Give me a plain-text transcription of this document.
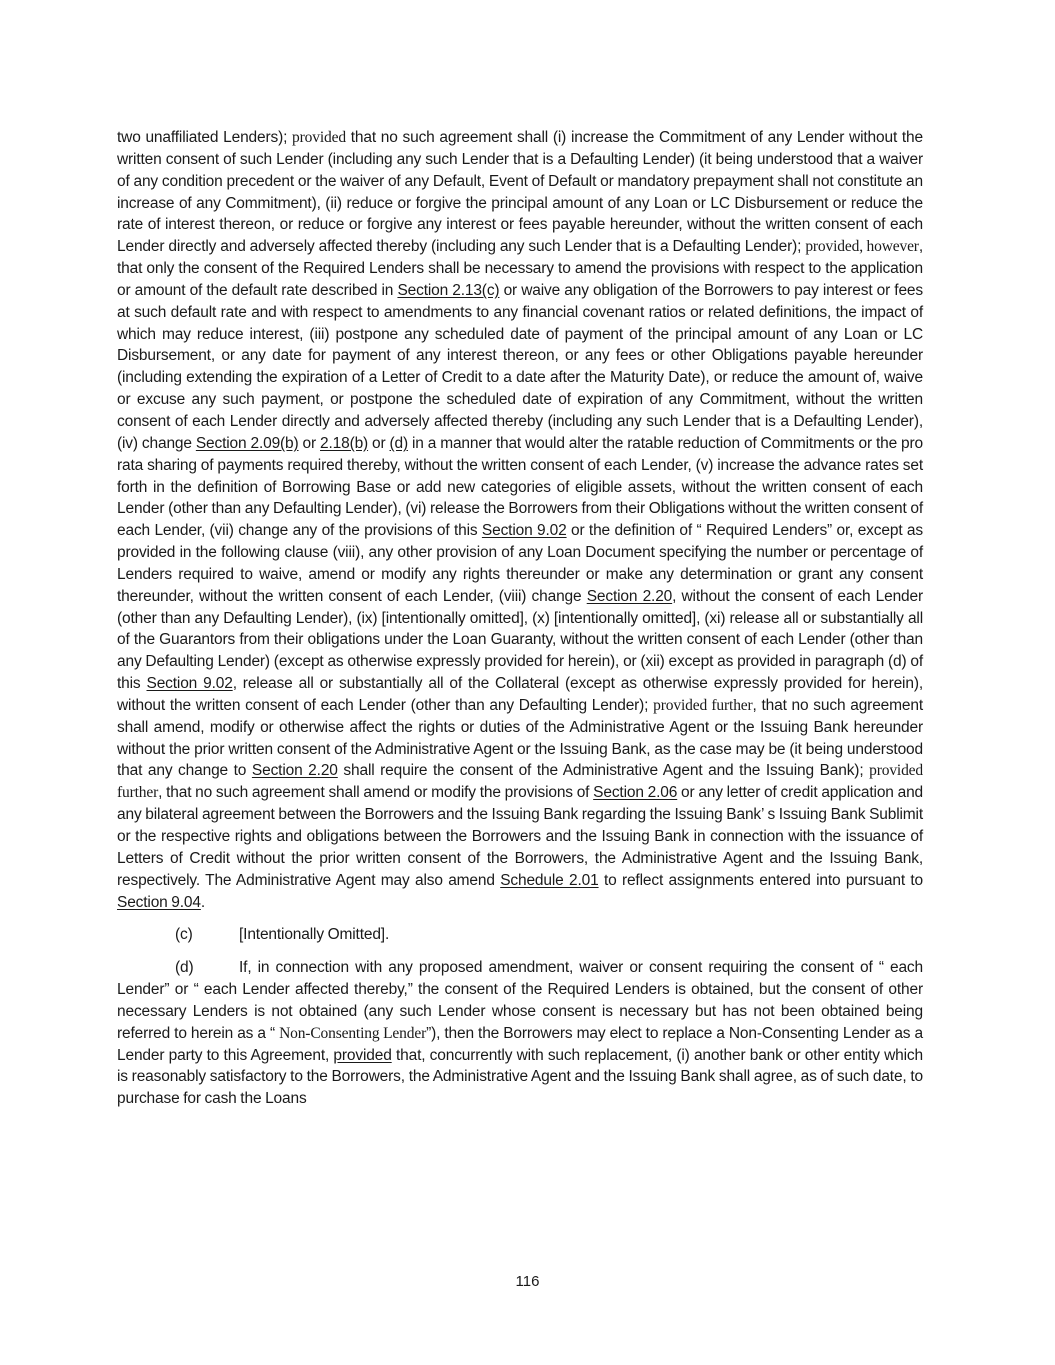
two unaffiliated Lenders); provided that no such agreement shall (i) increase the Commitment of any Lender without the written consent of such Lender (including any such Lender that is a Defaulting Lender) (it being understood that a waiver of any condition precedent or the waiver of any Default, Event of Default or mandatory prepayment shall not constitute an increase of any Commitment), (ii) reduce or forgive the principal amount of any Loan or LC Disbursement or reduce the rate of interest thereon, or reduce or forgive any interest or fees payable hereunder, without the written consent of each Lender directly and adversely affected thereby (including any such Lender that is a Defaulting Lender); provided, however, that only the consent of the Required Lenders shall be necessary to amend the provisions with respect to the application or amount of the default rate described in Section 2.13(c) or waive any obligation of the Borrowers to pay interest or fees at such default rate and with respect to amendments to any financial covenant ratios or related definitions, the impact of which may reduce interest, (iii) postpone any scheduled date of payment of the principal amount of any Loan or LC Disbursement, or any date for payment of any interest thereon, or any fees or other Obligations payable hereunder (including extending the expiration of a Letter of Credit to a date after the Maturity Date), or reduce the amount of, waive or excuse any such payment, or postpone the scheduled date of expiration of any Commitment, without the written consent of each Lender directly and adversely affected thereby (including any such Lender that is a Defaulting Lender), (iv) change Section 2.09(b) or 2.18(b) or (d) in a manner that would alter the ratable reduction of Commitments or the pro rata sharing of payments required thereby, without the written consent of each Lender, (v) increase the advance rates set forth in the definition of Borrowing Base or add new categories of eligible assets, without the written consent of each Lender (other than any Defaulting Lender), (vi) release the Borrowers from their Obligations without the written consent of each Lender, (vii) change any of the provisions of this Section 9.02 or the definition of “ Required Lenders” or, except as provided in the following clause (viii), any other provision of any Loan Document specifying the number or percentage of Lenders required to waive, amend or modify any rights thereunder or make any determination or grant any consent thereunder, without the written consent of each Lender, (viii) change Section 2.20, without the consent of each Lender (other than any Defaulting Lender), (ix) [intentionally omitted], (x) [intentionally omitted], (xi) release all or substantially all of the Guarantors from their obligations under the Loan Guaranty, without the written consent of each Lender (other than any Defaulting Lender) (except as otherwise expressly provided for herein), or (xii) except as provided in paragraph (d) of this Section 9.02, release all or substantially all of the Collateral (except as otherwise expressly provided for herein), without the written consent of each Lender (other than any Defaulting Lender); provided further, that no such agreement shall amend, modify or otherwise affect the rights or duties of the Administrative Agent or the Issuing Bank hereunder without the prior written consent of the Administrative Agent or the Issuing Bank, as the case may be (it being understood that any change to Section 2.20 shall require the consent of the Administrative Agent and the Issuing Bank); provided further, that no such agreement shall amend or modify the provisions of Section 2.06 or any letter of credit application and any bilateral agreement between the Borrowers and the Issuing Bank regarding the Issuing Bank’ s Issuing Bank Sublimit or the respective rights and obligations between the Borrowers and the Issuing Bank in connection with the issuance of Letters of Credit without the prior written consent of the Borrowers, the Administrative Agent and the Issuing Bank, respectively. The Administrative Agent may also amend Schedule 2.01 to reflect assignments entered into pursuant to Section 9.04.

(c)	[Intentionally Omitted].

(d)	If, in connection with any proposed amendment, waiver or consent requiring the consent of “ each Lender” or “ each Lender affected thereby,” the consent of the Required Lenders is obtained, but the consent of other necessary Lenders is not obtained (any such Lender whose consent is necessary but has not been obtained being referred to herein as a “ Non-Consenting Lender”), then the Borrowers may elect to replace a Non-Consenting Lender as a Lender party to this Agreement, provided that, concurrently with such replacement, (i) another bank or other entity which is reasonably satisfactory to the Borrowers, the Administrative Agent and the Issuing Bank shall agree, as of such date, to purchase for cash the Loans

116
